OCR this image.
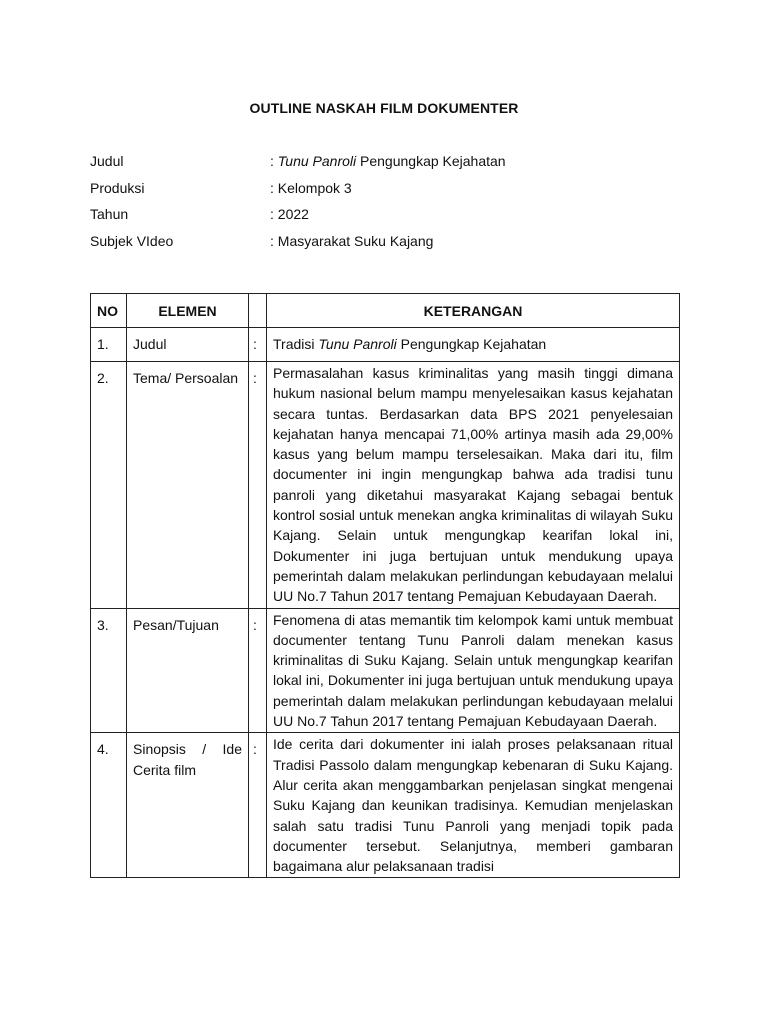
OUTLINE NASKAH FILM DOKUMENTER
Judul	: Tunu Panroli Pengungkap Kejahatan
Produksi	: Kelompok 3
Tahun	: 2022
Subjek VIdeo	: Masyarakat Suku Kajang
NO	ELEMEN		KETERANGAN
1.	Judul	:	Tradisi Tunu Panroli Pengungkap Kejahatan
2.	Tema/ Persoalan	:	Permasalahan kasus kriminalitas yang masih tinggi dimana hukum nasional belum mampu menyelesaikan kasus kejahatan secara tuntas. Berdasarkan data BPS 2021 penyelesaian kejahatan hanya mencapai 71,00% artinya masih ada 29,00% kasus yang belum mampu terselesaikan. Maka dari itu, film documenter ini ingin mengungkap bahwa ada tradisi tunu panroli yang diketahui masyarakat Kajang sebagai bentuk kontrol sosial untuk menekan angka kriminalitas di wilayah Suku Kajang. Selain untuk mengungkap kearifan lokal ini, Dokumenter ini juga bertujuan untuk mendukung upaya pemerintah dalam melakukan perlindungan kebudayaan melalui UU No.7 Tahun 2017 tentang Pemajuan Kebudayaan Daerah.
3.	Pesan/Tujuan	:	Fenomena di atas memantik tim kelompok kami untuk membuat documenter tentang Tunu Panroli dalam menekan kasus kriminalitas di Suku Kajang. Selain untuk mengungkap kearifan lokal ini, Dokumenter ini juga bertujuan untuk mendukung upaya pemerintah dalam melakukan perlindungan kebudayaan melalui UU No.7 Tahun 2017 tentang Pemajuan Kebudayaan Daerah.
4.	Sinopsis / Ide Cerita film	:	Ide cerita dari dokumenter ini ialah proses pelaksanaan ritual Tradisi Passolo dalam mengungkap kebenaran di Suku Kajang. Alur cerita akan menggambarkan penjelasan singkat mengenai Suku Kajang dan keunikan tradisinya. Kemudian menjelaskan salah satu tradisi Tunu Panroli yang menjadi topik pada documenter tersebut. Selanjutnya, memberi gambaran bagaimana alur pelaksanaan tradisi
